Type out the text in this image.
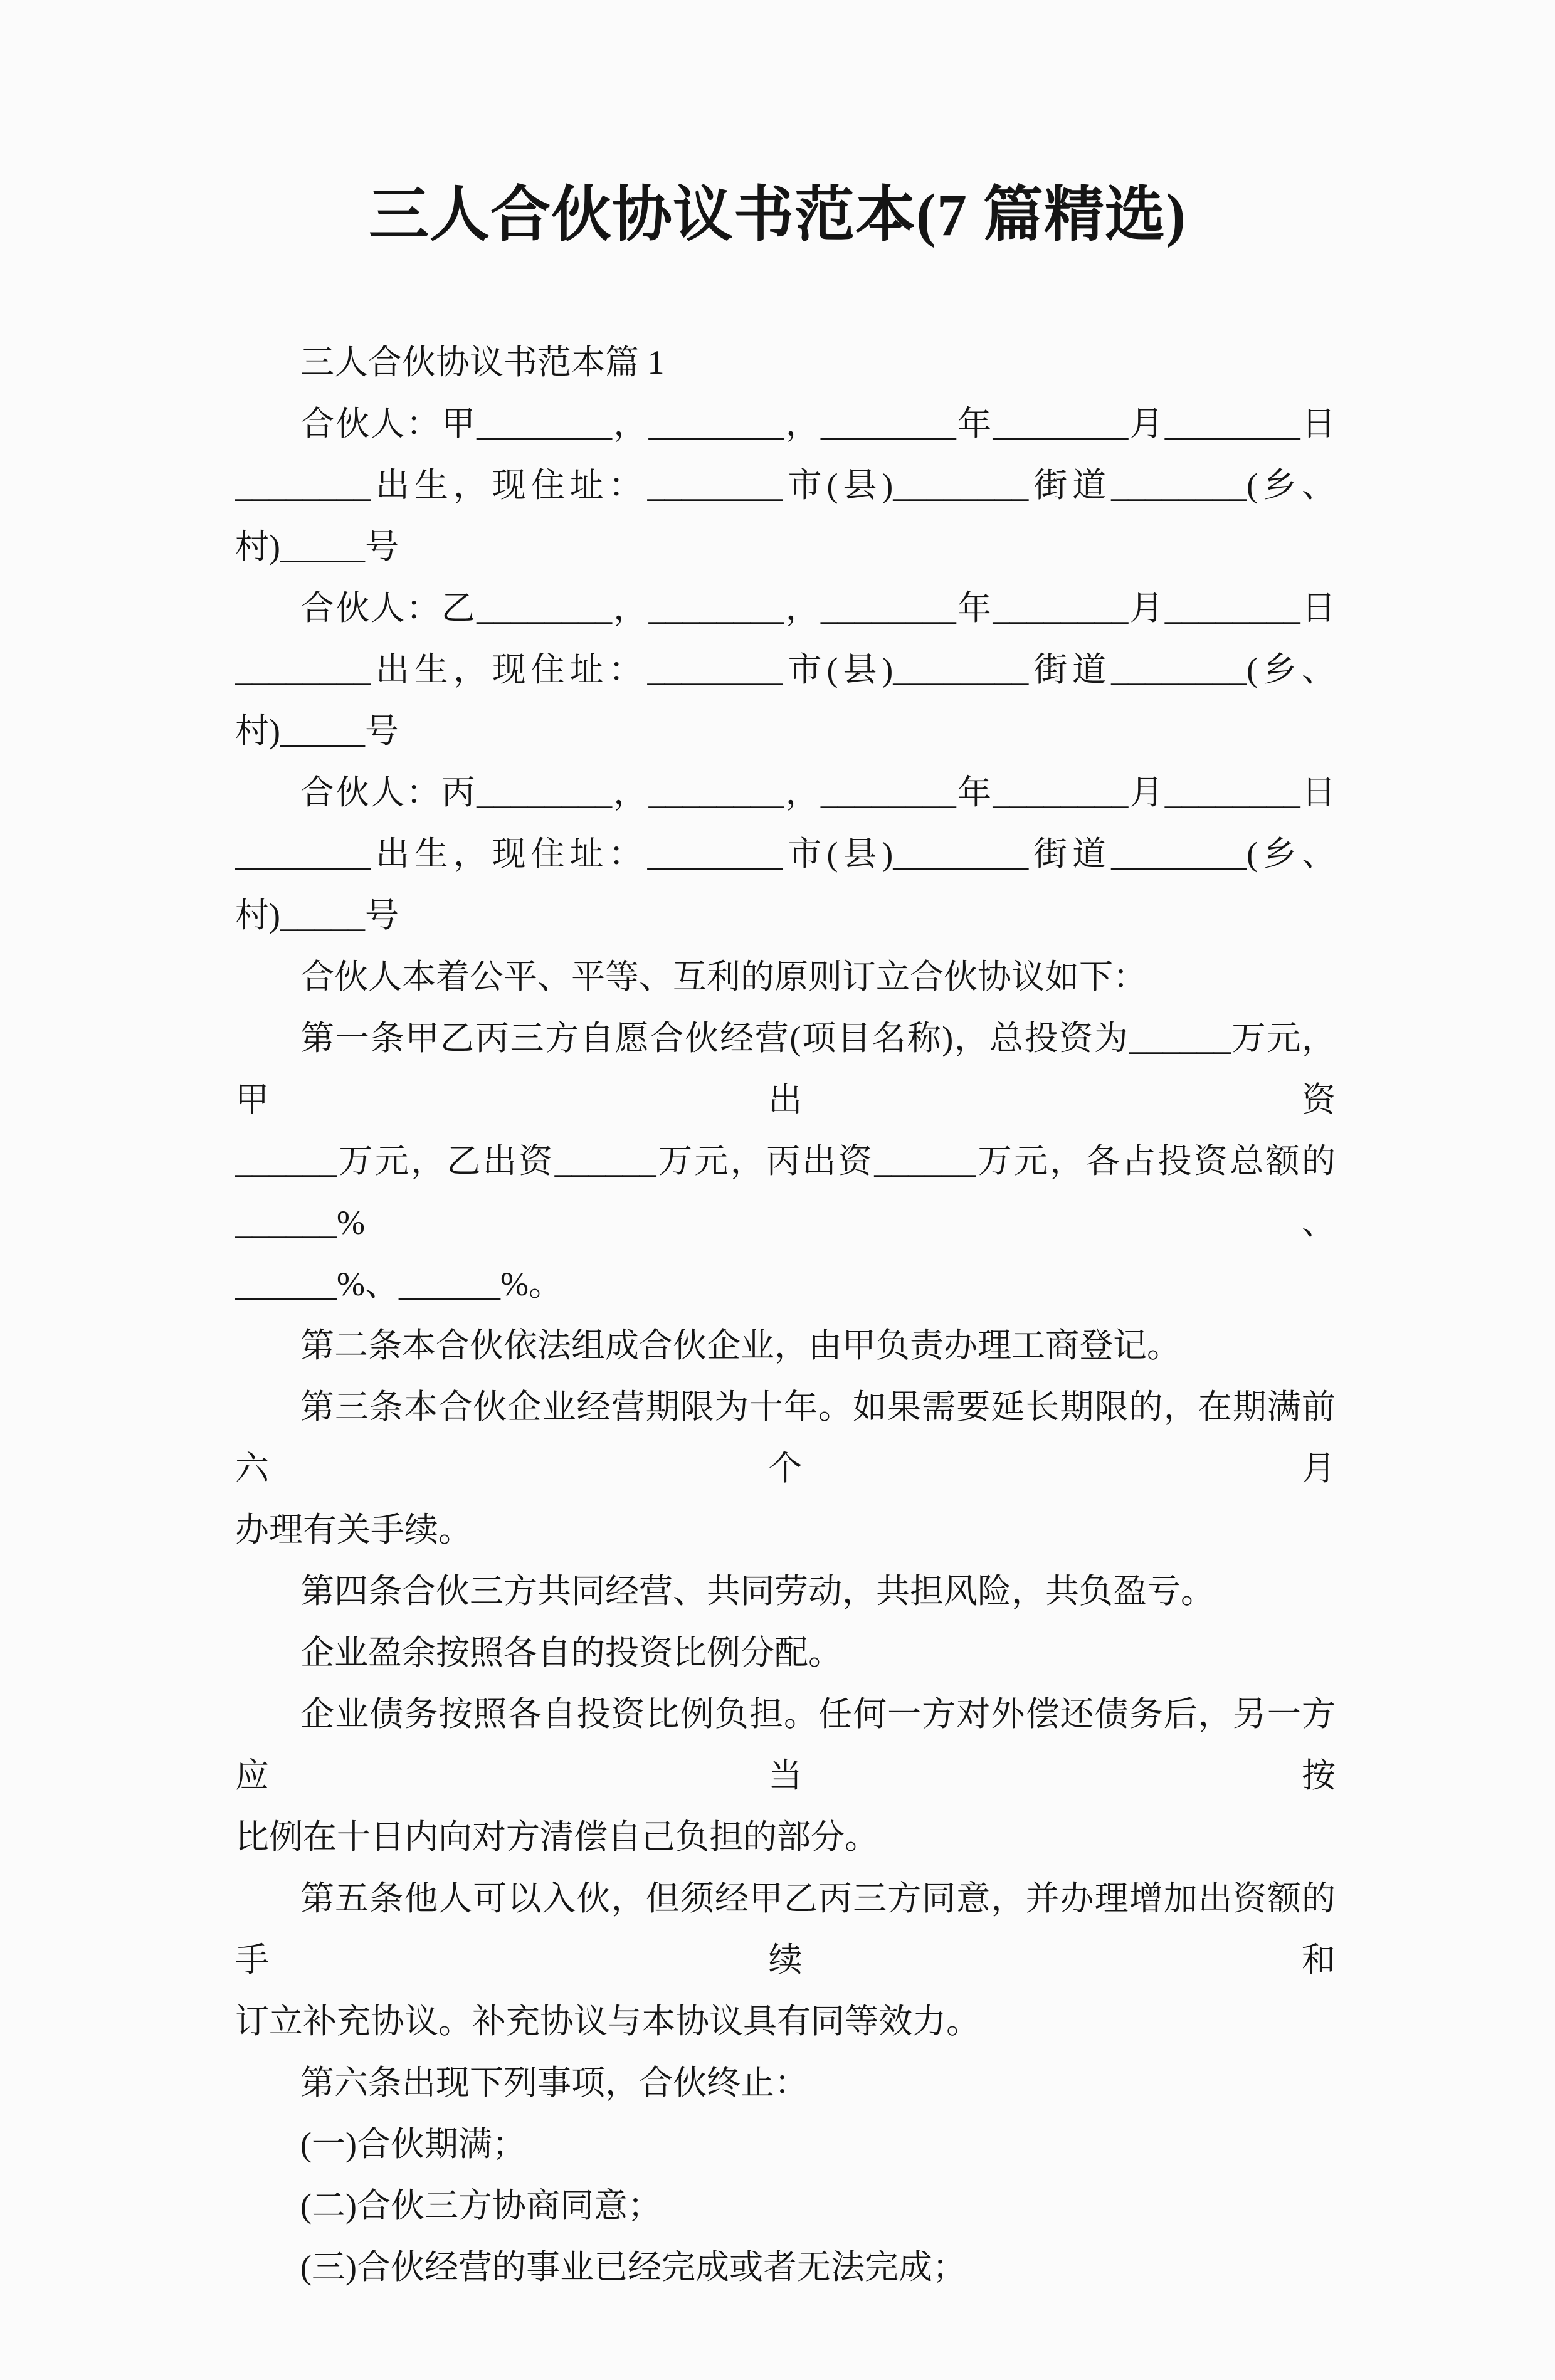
三人合伙协议书范本(7 篇精选)
三人合伙协议书范本篇 1
合伙人：甲________，________，________年________月________日
________出生，现住址：________市(县)________街道________(乡、
村)_____号
合伙人：乙________，________，________年________月________日
________出生，现住址：________市(县)________街道________(乡、
村)_____号
合伙人：丙________，________，________年________月________日
________出生，现住址：________市(县)________街道________(乡、
村)_____号
合伙人本着公平、平等、互利的原则订立合伙协议如下：
第一条甲乙丙三方自愿合伙经营(项目名称)，总投资为______万元，甲出资
______万元，乙出资______万元，丙出资______万元，各占投资总额的______%、
______%、______%。
第二条本合伙依法组成合伙企业，由甲负责办理工商登记。
第三条本合伙企业经营期限为十年。如果需要延长期限的，在期满前六个月
办理有关手续。
第四条合伙三方共同经营、共同劳动，共担风险，共负盈亏。
企业盈余按照各自的投资比例分配。
企业债务按照各自投资比例负担。任何一方对外偿还债务后，另一方应当按
比例在十日内向对方清偿自己负担的部分。
第五条他人可以入伙，但须经甲乙丙三方同意，并办理增加出资额的手续和
订立补充协议。补充协议与本协议具有同等效力。
第六条出现下列事项，合伙终止：
(一)合伙期满；
(二)合伙三方协商同意；
(三)合伙经营的事业已经完成或者无法完成；
